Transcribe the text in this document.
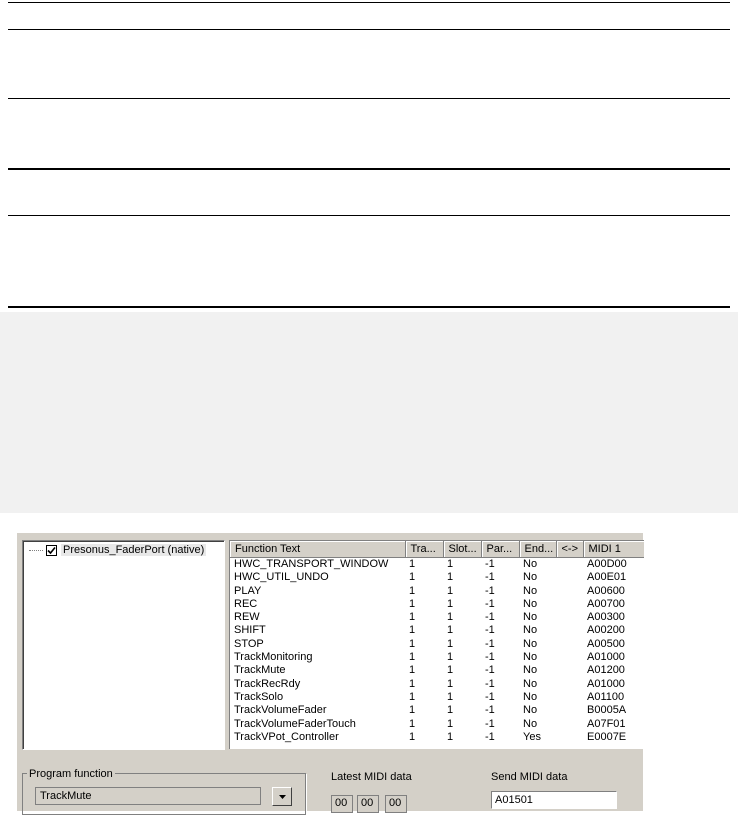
Presonus_FaderPort (native)	Function Text	Tra...	Slot...	Par...	End...	<->	MIDI 1
HWC_TRANSPORT_WINDOW	1	1	-1	No		A00D00
HWC_UTIL_UNDO	1	1	-1	No		A00E01
PLAY	1	1	-1	No		A00600
REC	1	1	-1	No		A00700
REW	1	1	-1	No		A00300
SHIFT	1	1	-1	No		A00200
STOP	1	1	-1	No		A00500
TrackMonitoring	1	1	-1	No		A01000
TrackMute	1	1	-1	No		A01200
TrackRecRdy	1	1	-1	No		A01000
TrackSolo	1	1	-1	No		A01100
TrackVolumeFader	1	1	-1	No		B0005A
TrackVolumeFaderTouch	1	1	-1	No		A07F01
TrackVPot_Controller	1	1	-1	Yes		E0007E
Program function
TrackMute
Latest MIDI data
00	00	00
Send MIDI data
A01501
